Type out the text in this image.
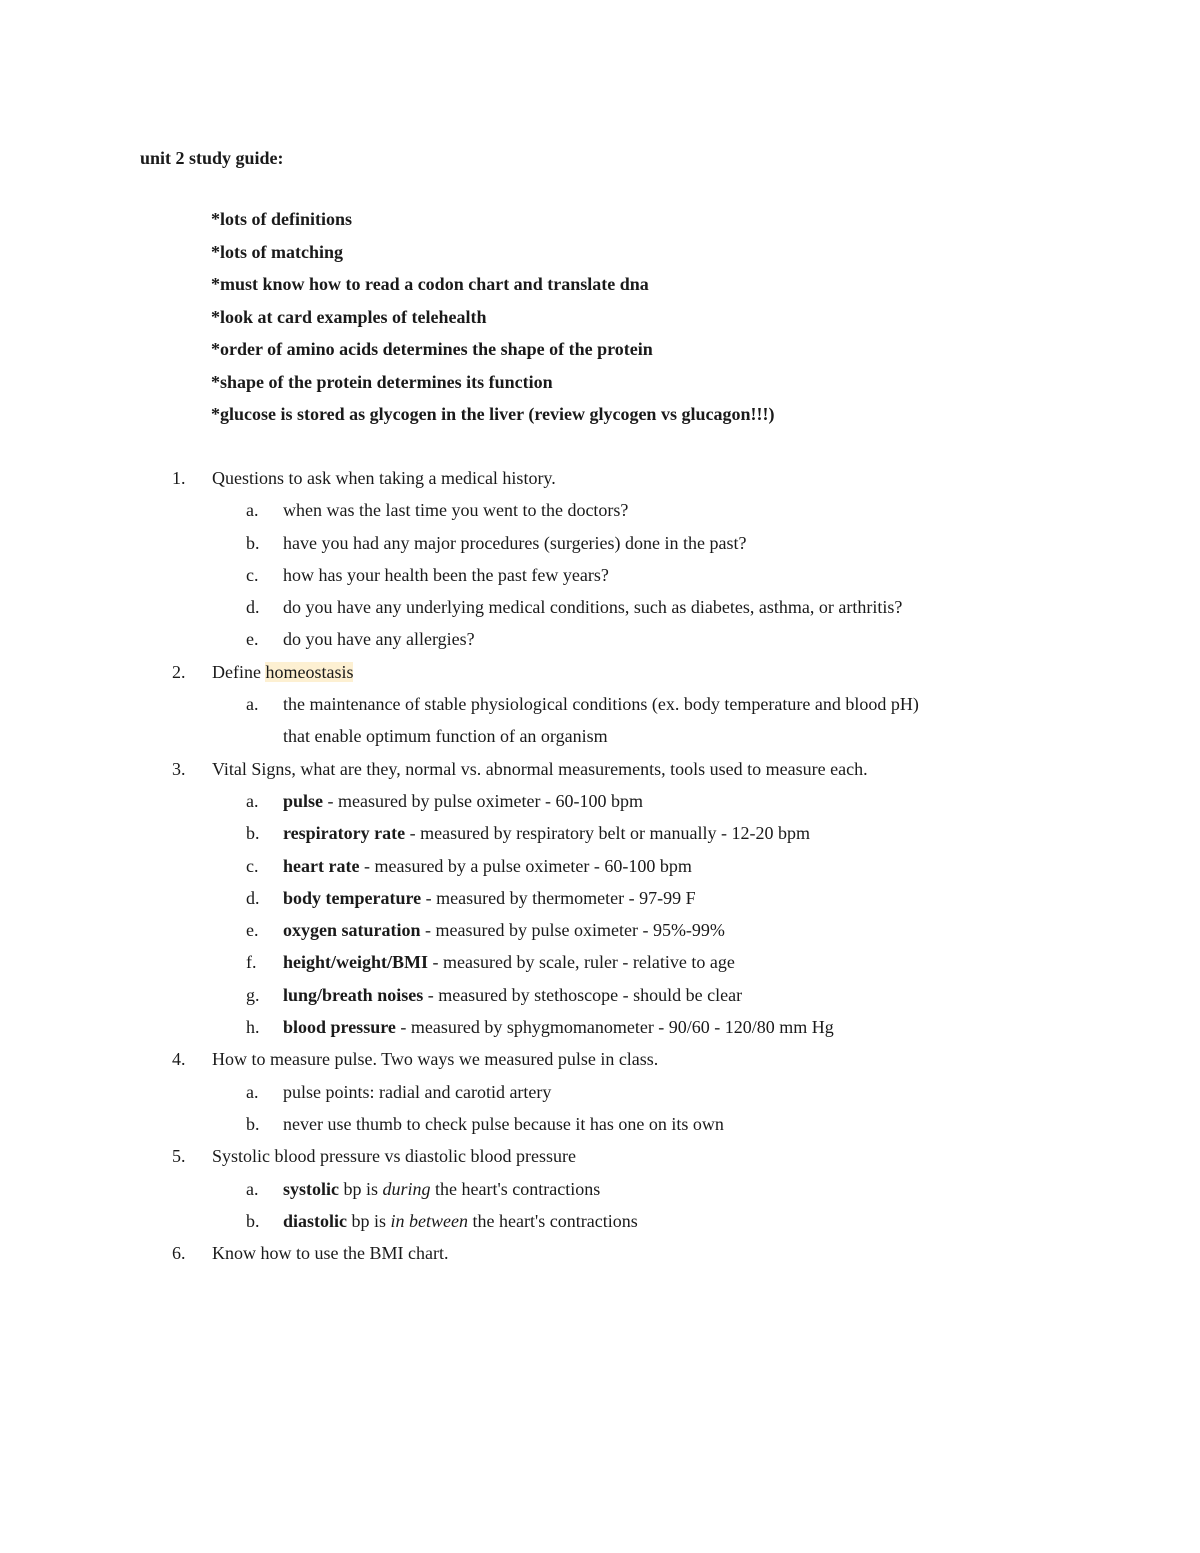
unit 2 study guide:
*lots of definitions
*lots of matching
*must know how to read a codon chart and translate dna
*look at card examples of telehealth
*order of amino acids determines the shape of the protein
*shape of the protein determines its function
*glucose is stored as glycogen in the liver (review glycogen vs glucagon!!!)
1.	Questions to ask when taking a medical history.
a.	when was the last time you went to the doctors?
b.	have you had any major procedures (surgeries) done in the past?
c.	how has your health been the past few years?
d.	do you have any underlying medical conditions, such as diabetes, asthma, or arthritis?
e.	do you have any allergies?
2.	Define homeostasis
a.	the maintenance of stable physiological conditions (ex. body temperature and blood pH)
that enable optimum function of an organism
3.	Vital Signs, what are they, normal vs. abnormal measurements, tools used to measure each.
a.	pulse - measured by pulse oximeter - 60-100 bpm
b.	respiratory rate - measured by respiratory belt or manually - 12-20 bpm
c.	heart rate - measured by a pulse oximeter - 60-100 bpm
d.	body temperature - measured by thermometer - 97-99 F
e.	oxygen saturation - measured by pulse oximeter - 95%-99%
f.	height/weight/BMI - measured by scale, ruler - relative to age
g.	lung/breath noises - measured by stethoscope - should be clear
h.	blood pressure - measured by sphygmomanometer - 90/60 - 120/80 mm Hg
4.	How to measure pulse. Two ways we measured pulse in class.
a.	pulse points: radial and carotid artery
b.	never use thumb to check pulse because it has one on its own
5.	Systolic blood pressure vs diastolic blood pressure
a.	systolic bp is during the heart's contractions
b.	diastolic bp is in between the heart's contractions
6.	Know how to use the BMI chart.
